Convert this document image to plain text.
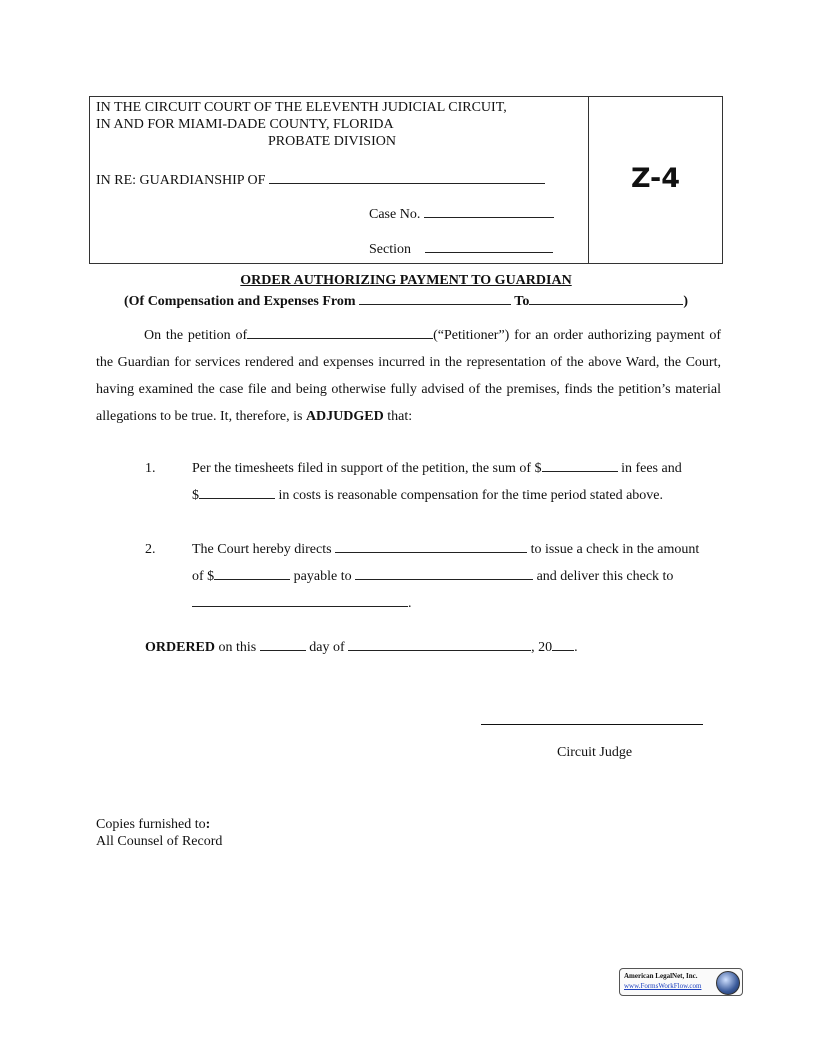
IN THE CIRCUIT COURT OF THE ELEVENTH JUDICIAL CIRCUIT,
IN AND FOR MIAMI-DADE COUNTY, FLORIDA
PROBATE DIVISION
IN RE: GUARDIANSHIP OF
Case No.
Section
Z-4
ORDER AUTHORIZING PAYMENT TO GUARDIAN
(Of Compensation and Expenses From	To	)
On the petition of	(“Petitioner”) for an order authorizing payment of the Guardian for services rendered and expenses incurred in the representation of the above Ward, the Court, having examined the case file and being otherwise fully advised of the premises, finds the petition’s material allegations to be true. It, therefore, is ADJUDGED that:
1.	Per the timesheets filed in support of the petition, the sum of $	in fees and
$	in costs is reasonable compensation for the time period stated above.
2.	The Court hereby directs	to issue a check in the amount
of $	payable to	and deliver this check to
.
ORDERED on this	day of	, 20 .
Circuit Judge
Copies furnished to:
All Counsel of Record
American LegalNet, Inc.
www.FormsWorkFlow.com
